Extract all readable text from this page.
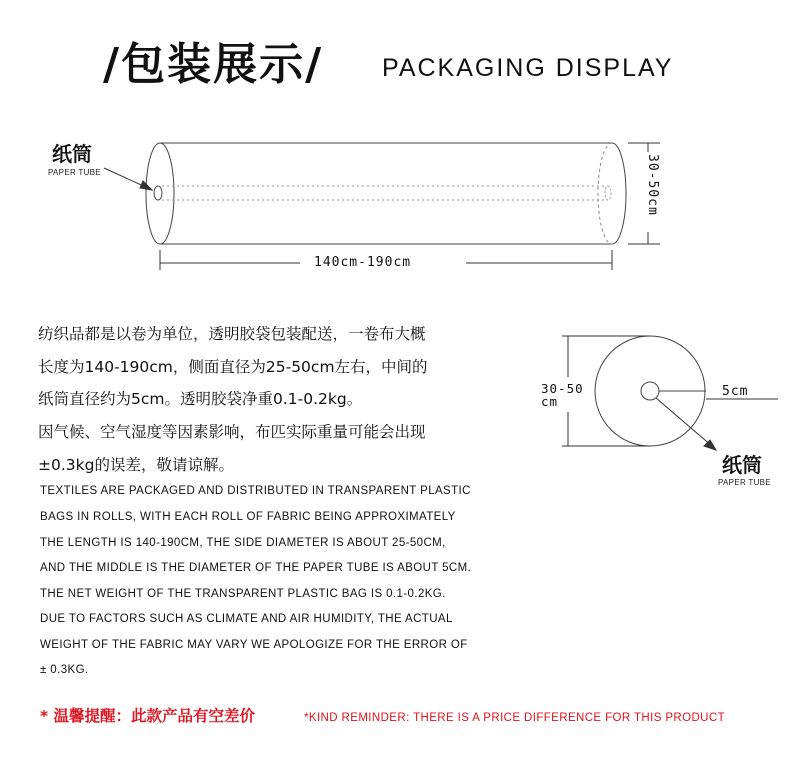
/包装展示/ PACKAGING DISPLAY
纸筒
PAPER TUBE
140cm-190cm
30-50cm
30-50
cm
5cm
纸筒
PAPER TUBE
纺织品都是以卷为单位，透明胶袋包装配送，一卷布大概
长度为140-190cm，侧面直径为25-50cm左右，中间的
纸筒直径约为5cm。透明胶袋净重0.1-0.2kg。
因气候、空气湿度等因素影响，布匹实际重量可能会出现
±0.3kg的误差，敬请谅解。
TEXTILES ARE PACKAGED AND DISTRIBUTED IN TRANSPARENT PLASTIC
BAGS IN ROLLS, WITH EACH ROLL OF FABRIC BEING APPROXIMATELY
THE LENGTH IS 140-190CM, THE SIDE DIAMETER IS ABOUT 25-50CM,
AND THE MIDDLE IS THE DIAMETER OF THE PAPER TUBE IS ABOUT 5CM.
THE NET WEIGHT OF THE TRANSPARENT PLASTIC BAG IS 0.1-0.2KG.
DUE TO FACTORS SUCH AS CLIMATE AND AIR HUMIDITY, THE ACTUAL
WEIGHT OF THE FABRIC MAY VARY WE APOLOGIZE FOR THE ERROR OF
± 0.3KG.
* 温馨提醒：此款产品有空差价	*KIND REMINDER: THERE IS A PRICE DIFFERENCE FOR THIS PRODUCT
